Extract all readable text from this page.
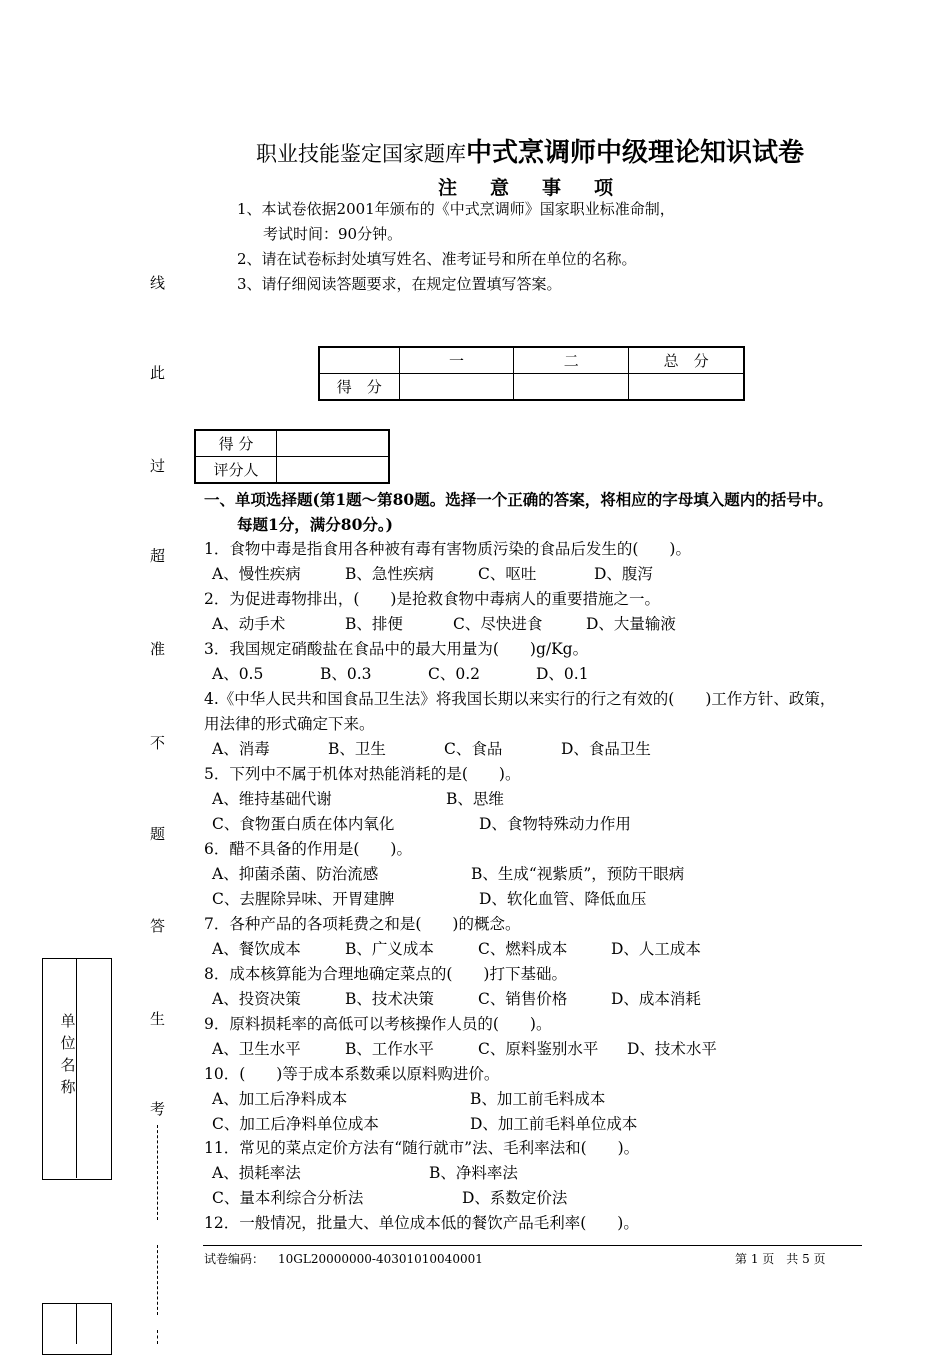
职业技能鉴定国家题库中式烹调师中级理论知识试卷
注意事项
1、本试卷依据2001年颁布的《中式烹调师》国家职业标准命制，
考试时间：90分钟。
2、请在试卷标封处填写姓名、准考证号和所在单位的名称。
3、请仔细阅读答题要求，在规定位置填写答案。
线
此
过
超
准
不
题
答
生
考
单
位
名
称
	一	二	总　分
得　分			
得 分	
评分人	
一、单项选择题(第1题～第80题。选择一个正确的答案，将相应的字母填入题内的括号中。
每题1分，满分80分。)
1．食物中毒是指食用各种被有毒有害物质污染的食品后发生的(　　)。
A、慢性疾病	B、急性疾病	C、呕吐	D、腹泻
2．为促进毒物排出，(　　)是抢救食物中毒病人的重要措施之一。
A、动手术	B、排便	C、尽快进食	D、大量输液
3．我国规定硝酸盐在食品中的最大用量为(　　)g/Kg。
A、0.5	B、0.3	C、0.2	D、0.1
4.《中华人民共和国食品卫生法》将我国长期以来实行的行之有效的(　　)工作方针、政策，
用法律的形式确定下来。
A、消毒	B、卫生	C、食品	D、食品卫生
5．下列中不属于机体对热能消耗的是(　　)。
A、维持基础代谢	B、思维
C、食物蛋白质在体内氧化	D、食物特殊动力作用
6．醋不具备的作用是(　　)。
A、抑菌杀菌、防治流感	B、生成“视紫质”，预防干眼病
C、去腥除异味、开胃建脾	D、软化血管、降低血压
7．各种产品的各项耗费之和是(　　)的概念。
A、餐饮成本	B、广义成本	C、燃料成本	D、人工成本
8．成本核算能为合理地确定菜点的(　　)打下基础。
A、投资决策	B、技术决策	C、销售价格	D、成本消耗
9．原料损耗率的高低可以考核操作人员的(　　)。
A、卫生水平	B、工作水平	C、原料鉴别水平 D、技术水平
10．(　　)等于成本系数乘以原料购进价。
A、加工后净料成本	B、加工前毛料成本
C、加工后净料单位成本	D、加工前毛料单位成本
11．常见的菜点定价方法有“随行就市”法、毛利率法和(　　)。
A、损耗率法	B、净料率法
C、量本利综合分析法	D、系数定价法
12．一般情况，批量大、单位成本低的餐饮产品毛利率(　　)。
试卷编码： 10GL20000000-40301010040001	第 1 页　共 5 页
